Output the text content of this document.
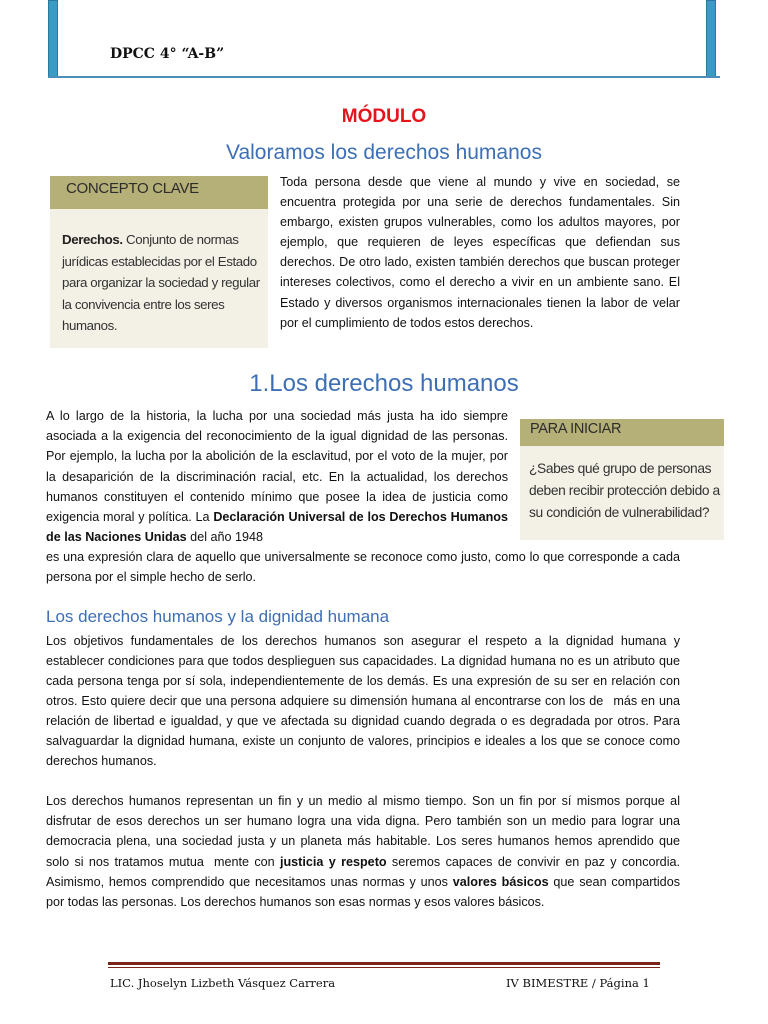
DPCC 4° “A-B”
MÓDULO
Valoramos los derechos humanos
CONCEPTO CLAVE
Derechos. Conjunto de normas jurídicas establecidas por el Estado para organizar la sociedad y regular la convivencia entre los seres humanos.
Toda persona desde que viene al mundo y vive en sociedad, se encuentra protegida por una serie de derechos fundamentales. Sin embargo, existen grupos vulnerables, como los adultos mayores, por ejemplo, que requieren de leyes específicas que defiendan sus derechos. De otro lado, existen también derechos que buscan proteger intereses colectivos, como el derecho a vivir en un ambiente sano. El Estado y diversos organismos internacionales tienen la labor de velar por el cumplimiento de todos estos derechos.
1.Los derechos humanos
PARA INICIAR
¿Sabes qué grupo de personas deben recibir protección debido a su condición de vulnerabilidad?
A lo largo de la historia, la lucha por una sociedad más justa ha ido siempre asociada a la exigencia del reconocimiento de la igual dignidad de las personas. Por ejemplo, la lucha por la abolición de la esclavitud, por el voto de la mujer, por la desaparición de la discriminación racial, etc. En la actualidad, los derechos humanos constituyen el contenido mínimo que posee la idea de justicia como exigencia moral y política. La Declaración Universal de los Derechos Humanos de las Naciones Unidas del año 1948
es una expresión clara de aquello que universalmente se reconoce como justo, como lo que corresponde a cada persona por el simple hecho de serlo.
Los derechos humanos y la dignidad humana
Los objetivos fundamentales de los derechos humanos son asegurar el respeto a la dignidad humana y establecer condiciones para que todos desplieguen sus capacidades. La dignidad humana no es un atributo que cada persona tenga por sí sola, independientemente de los demás. Es una expresión de su ser en relación con otros. Esto quiere decir que una persona adquiere su dimensión humana al encontrarse con los demás en una relación de libertad e igualdad, y que ve afectada su dignidad cuando degrada o es degradada por otros. Para salvaguardar la dignidad humana, existe un conjunto de valores, principios e ideales a los que se conoce como derechos humanos.
Los derechos humanos representan un fin y un medio al mismo tiempo. Son un fin por sí mismos porque al disfrutar de esos derechos un ser humano logra una vida digna. Pero también son un medio para lograr una democracia plena, una sociedad justa y un planeta más habitable. Los seres humanos hemos aprendido que solo si nos tratamos mutuamente con justicia y respeto seremos capaces de convivir en paz y concordia. Asimismo, hemos comprendido que necesitamos unas normas y unos valores básicos que sean compartidos por todas las personas. Los derechos humanos son esas normas y esos valores básicos.
LIC. Jhoselyn Lizbeth Vásquez Carrera	IV BIMESTRE / Página 1
